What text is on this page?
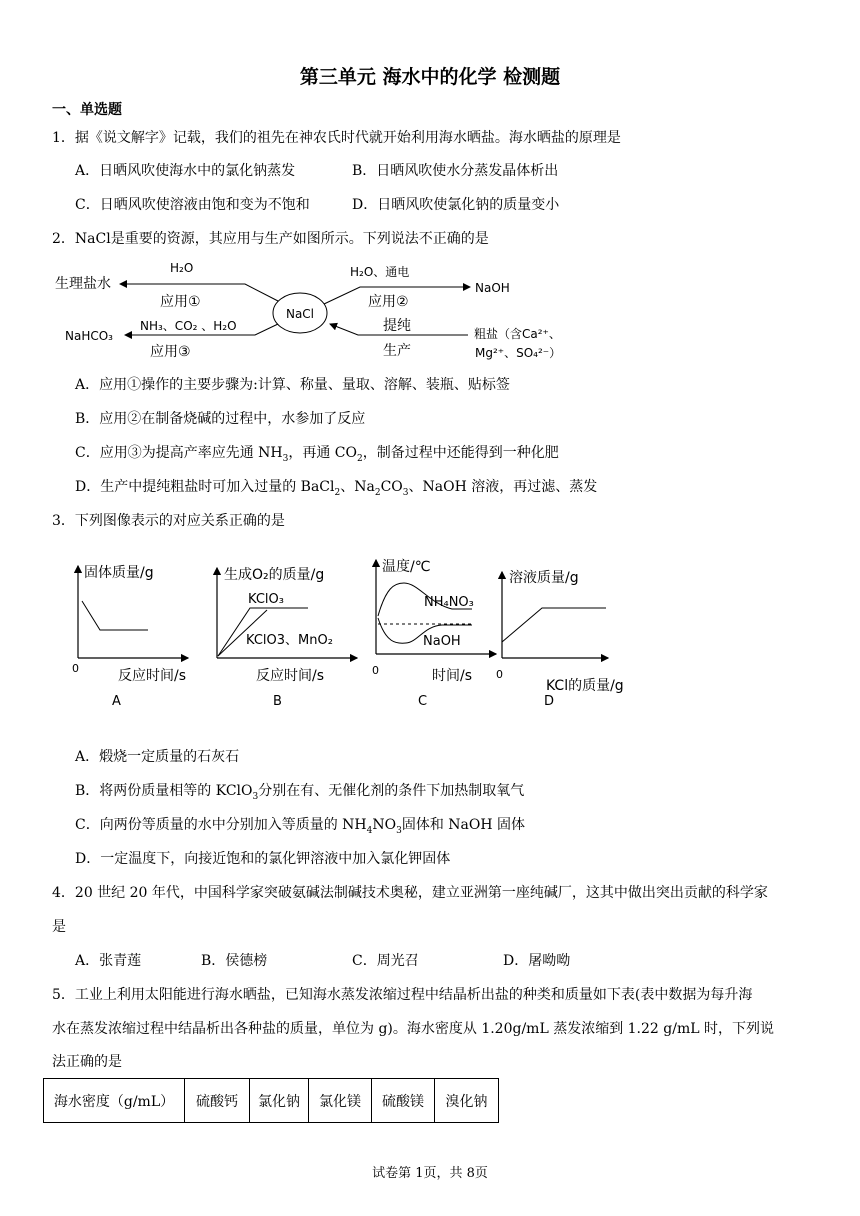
第三单元 海水中的化学 检测题
一、单选题
1．据《说文解字》记载，我们的祖先在神农氏时代就开始利用海水晒盐。海水晒盐的原理是
A．日晒风吹使海水中的氯化钠蒸发	B．日晒风吹使水分蒸发晶体析出
C．日晒风吹使溶液由饱和变为不饱和	D．日晒风吹使氯化钠的质量变小
2．NaCl是重要的资源，其应用与生产如图所示。下列说法不正确的是
NaCl
生理盐水
H₂O
应用①
NaHCO₃
NH₃、CO₂ 、H₂O
应用③
H₂O、通电
应用②
NaOH
提纯
生产
粗盐（含Ca²⁺、
Mg²⁺、SO₄²⁻）
A．应用①操作的主要步骤为:计算、称量、量取、溶解、装瓶、贴标签
B．应用②在制备烧碱的过程中，水参加了反应
C．应用③为提高产率应先通 $NH_3$，再通 $CO_2$，制备过程中还能得到一种化肥
D．生产中提纯粗盐时可加入过量的 BaCl$_2$、$Na_2CO_3$、NaOH 溶液，再过滤、蒸发
3．下列图像表示的对应关系正确的是
固体质量/g
0	反应时间/s
A
生成O₂的质量/g
KClO₃
KClO3、MnO₂
反应时间/s
B
温度/℃
NH₄NO₃
NaOH
0	时间/s
C
溶液质量/g
0
KCl的质量/g
D
A．煅烧一定质量的石灰石
B．将两份质量相等的 KClO$_3$分别在有、无催化剂的条件下加热制取氧气
C．向两份等质量的水中分别加入等质量的 $NH_4NO_3$固体和 NaOH 固体
D．一定温度下，向接近饱和的氯化钾溶液中加入氯化钾固体
4．20 世纪 20 年代，中国科学家突破氨碱法制碱技术奥秘，建立亚洲第一座纯碱厂，这其中做出突出贡献的科学家
是
A．张青莲	B．侯德榜	C．周光召	D．屠呦呦
5．工业上利用太阳能进行海水晒盐，已知海水蒸发浓缩过程中结晶析出盐的种类和质量如下表(表中数据为每升海
水在蒸发浓缩过程中结晶析出各种盐的质量，单位为 g)。海水密度从 1.20g/mL 蒸发浓缩到 1.22 g/mL 时，下列说
法正确的是
海水密度（g/mL）	硫酸钙	氯化钠	氯化镁	硫酸镁	溴化钠
试卷第 1页，共 8页
